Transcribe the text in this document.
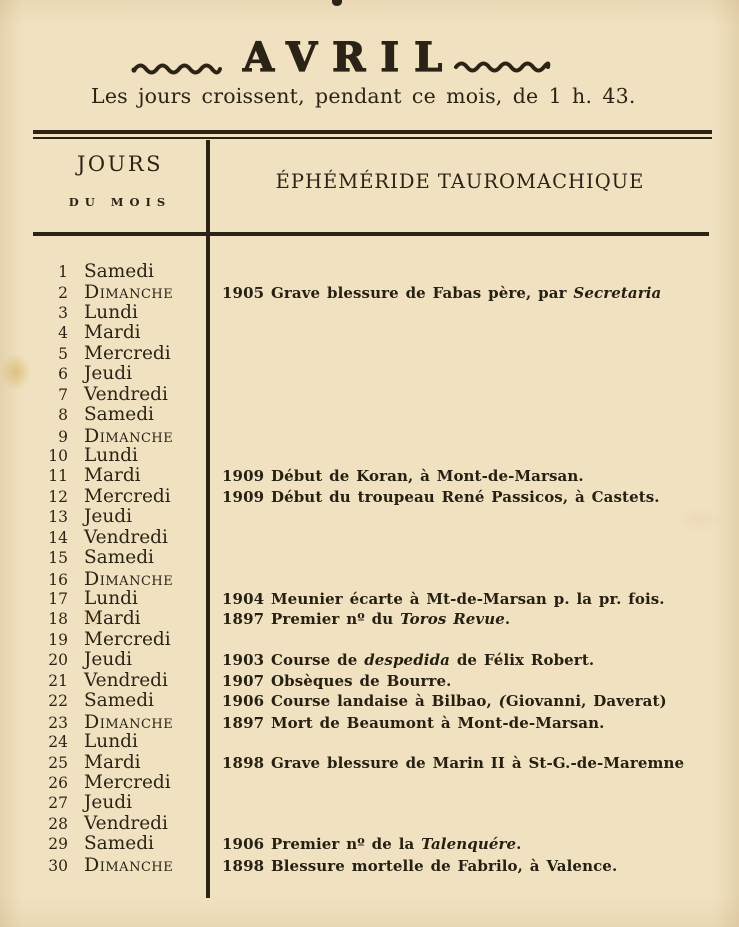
AVRIL

Les jours croissent, pendant ce mois, de 1 h. 43.

JOURS
DU MOIS
ÉPHÉMÉRIDE TAUROMACHIQUE
1 Samedi
2 Dimanche	1905 Grave blessure de Fabas père, par Secretaria
3 Lundi
4 Mardi
5 Mercredi
6 Jeudi
7 Vendredi
8 Samedi
9 Dimanche
10 Lundi
11 Mardi	1909 Début de Koran, à Mont-de-Marsan.
12 Mercredi	1909 Début du troupeau René Passicos, à Castets.
13 Jeudi
14 Vendredi
15 Samedi
16 Dimanche
17 Lundi	1904 Meunier écarte à Mt-de-Marsan p. la pr. fois.
18 Mardi	1897 Premier nº du Toros Revue.
19 Mercredi
20 Jeudi	1903 Course de despedida de Félix Robert.
21 Vendredi	1907 Obsèques de Bourre.
22 Samedi	1906 Course landaise à Bilbao, (Giovanni, Daverat)
23 Dimanche	1897 Mort de Beaumont à Mont-de-Marsan.
24 Lundi
25 Mardi	1898 Grave blessure de Marin II à St-G.-de-Maremne
26 Mercredi
27 Jeudi
28 Vendredi
29 Samedi	1906 Premier nº de la Talenquére.
30 Dimanche	1898 Blessure mortelle de Fabrilo, à Valence.
